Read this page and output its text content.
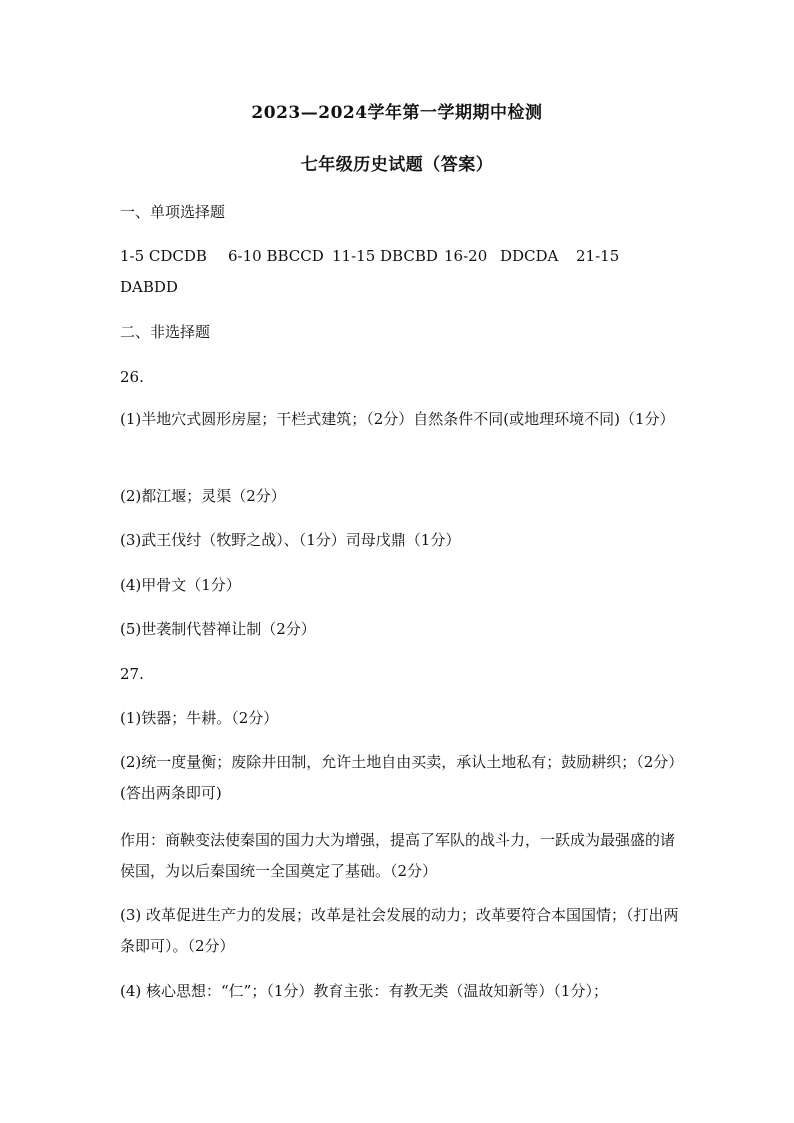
2023—2024学年第一学期期中检测
七年级历史试题（答案）
一、单项选择题
1-5 CDCDB 6-10 BBCCD 11-15 DBCBD 16-20 DDCDA 21-15
DABDD
二、非选择题
26.
(1)半地穴式圆形房屋；干栏式建筑；（2分）自然条件不同(或地理环境不同)（1分）
(2)都江堰；灵渠（2分）
(3)武王伐纣（牧野之战）、（1分）司母戊鼎（1分）
(4)甲骨文（1分）
(5)世袭制代替禅让制（2分）
27.
(1)铁器；牛耕。（2分）
(2)统一度量衡；废除井田制，允许土地自由买卖，承认土地私有；鼓励耕织；（2分）(答出两条即可)
作用：商鞅变法使秦国的国力大为增强，提高了军队的战斗力，一跃成为最强盛的诸侯国，为以后秦国统一全国奠定了基础。（2分）
(3) 改革促进生产力的发展；改革是社会发展的动力；改革要符合本国国情；（打出两条即可）。（2分）
(4) 核心思想：“仁”；（1分）教育主张：有教无类（温故知新等）（1分）；
